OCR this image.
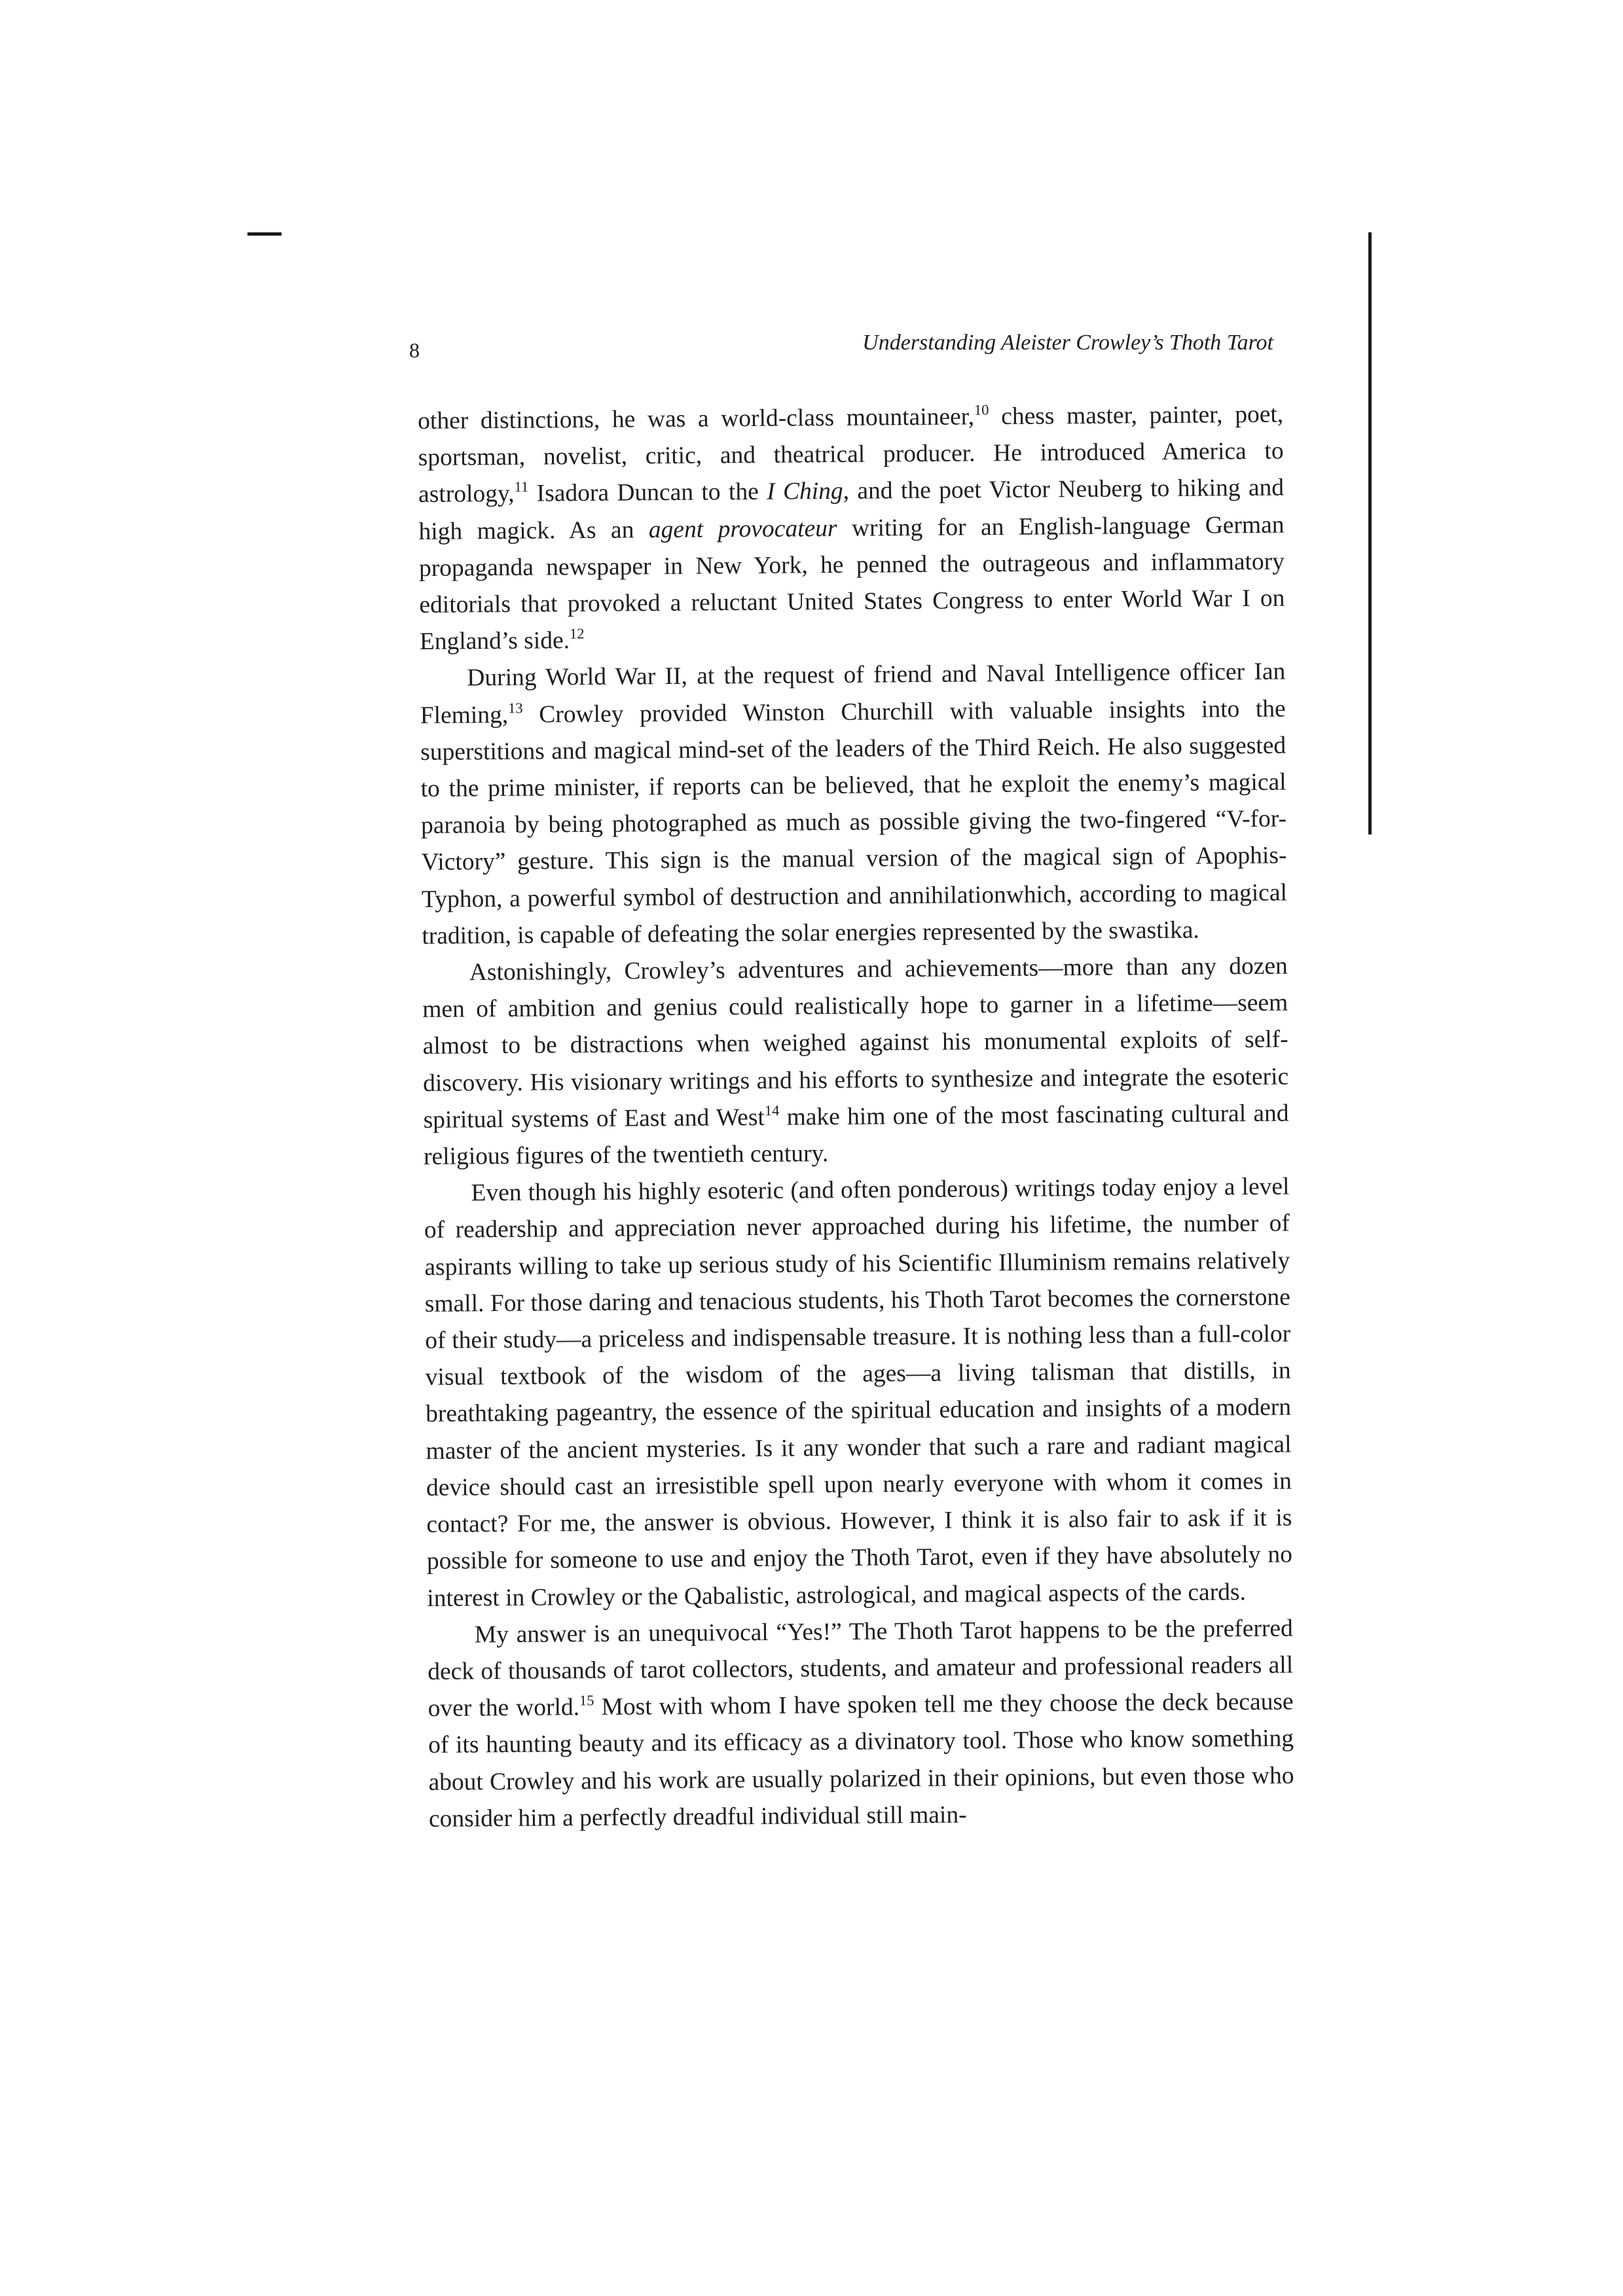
8	Understanding Aleister Crowley’s Thoth Tarot

other distinctions, he was a world-class mountaineer,$^{10}$ chess master, painter, poet, sportsman, novelist, critic, and theatrical producer. He introduced America to astrology,$^{11}$ Isadora Duncan to the I Ching, and the poet Victor Neuberg to hiking and high magick. As an agent provocateur writing for an English-language German propaganda newspaper in New York, he penned the outrageous and inflammatory editorials that provoked a reluctant United States Congress to enter World War I on England’s side.$^{12}$

During World War II, at the request of friend and Naval Intelligence officer Ian Fleming,$^{13}$ Crowley provided Winston Churchill with valuable insights into the superstitions and magical mind-set of the leaders of the Third Reich. He also suggested to the prime minister, if reports can be believed, that he exploit the enemy’s magical paranoia by being photographed as much as possible giving the two-fingered “V-for-Victory” gesture. This sign is the manual version of the magical sign of Apophis-Typhon, a powerful symbol of destruction and annihilationwhich, according to magical tradition, is capable of defeating the solar energies represented by the swastika.

Astonishingly, Crowley’s adventures and achievements—more than any dozen men of ambition and genius could realistically hope to garner in a lifetime—seem almost to be distractions when weighed against his monumental exploits of self-discovery. His visionary writings and his efforts to synthesize and integrate the esoteric spiritual systems of East and West$^{14}$ make him one of the most fascinating cultural and religious figures of the twentieth century.

Even though his highly esoteric (and often ponderous) writings today enjoy a level of readership and appreciation never approached during his lifetime, the number of aspirants willing to take up serious study of his Scientific Illuminism remains relatively small. For those daring and tenacious students, his Thoth Tarot becomes the cornerstone of their study—a priceless and indispensable treasure. It is nothing less than a full-color visual textbook of the wisdom of the ages—a living talisman that distills, in breathtaking pageantry, the essence of the spiritual education and insights of a modern master of the ancient mysteries. Is it any wonder that such a rare and radiant magical device should cast an irresistible spell upon nearly everyone with whom it comes in contact? For me, the answer is obvious. However, I think it is also fair to ask if it is possible for someone to use and enjoy the Thoth Tarot, even if they have absolutely no interest in Crowley or the Qabalistic, astrological, and magical aspects of the cards.

My answer is an unequivocal “Yes!” The Thoth Tarot happens to be the preferred deck of thousands of tarot collectors, students, and amateur and professional readers all over the world.$^{15}$ Most with whom I have spoken tell me they choose the deck because of its haunting beauty and its efficacy as a divinatory tool. Those who know something about Crowley and his work are usually polarized in their opinions, but even those who consider him a perfectly dreadful individual still main-
